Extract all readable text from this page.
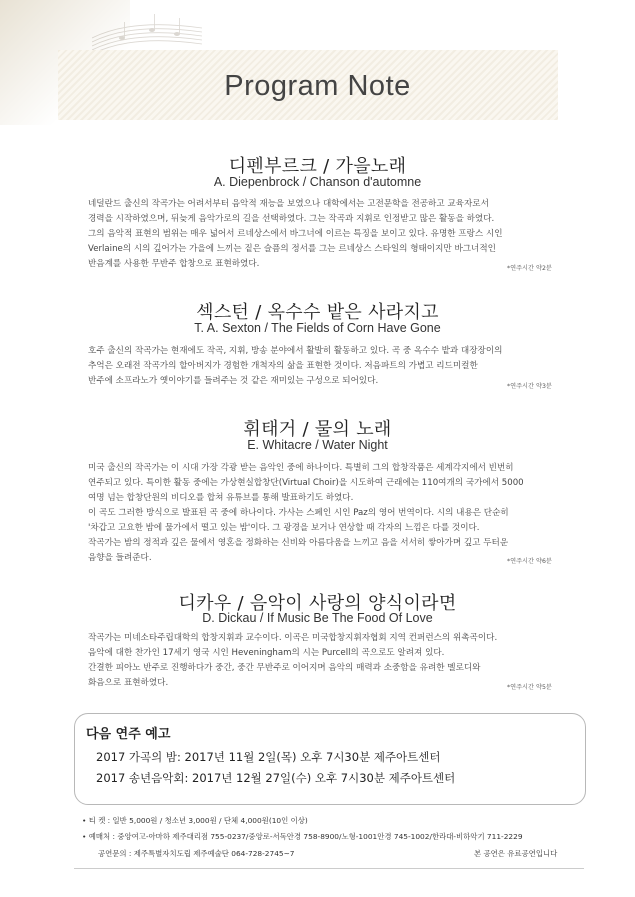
Program Note
디펜부르크 / 가을노래
A. Diepenbrock / Chanson d'automne

네덜란드 출신의 작곡가는 어려서부터 음악적 재능을 보였으나 대학에서는 고전문학을 전공하고 교육자로서

경력을 시작하였으며, 뒤늦게 음악가로의 길을 선택하였다. 그는 작곡과 지휘로 인정받고 많은 활동을 하였다.

그의 음악적 표현의 범위는 매우 넓어서 르네상스에서 바그너에 이르는 특징을 보이고 있다. 유명한 프랑스 시인

Verlaine의 시의 깊어가는 가을에 느끼는 짙은 슬픔의 정서를 그는 르네상스 스타일의 형태이지만 바그너적인

반음계를 사용한 무반주 합창으로 표현하였다.	*연주시간 약2분
섹스턴 / 옥수수 밭은 사라지고
T. A. Sexton / The Fields of Corn Have Gone

호주 출신의 작곡가는 현재에도 작곡, 지휘, 방송 분야에서 활발히 활동하고 있다. 곡 중 옥수수 밭과 대장장이의

추억은 오래전 작곡가의 할아버지가 경험한 개척자의 삶을 표현한 것이다. 저음파트의 가볍고 리드미컬한

반주에 소프라노가 옛이야기를 들려주는 것 같은 재미있는 구성으로 되어있다.

*연주시간 약3분
휘태거 / 물의 노래
E. Whitacre / Water Night

미국 출신의 작곡가는 이 시대 가장 각광 받는 음악인 중에 하나이다. 특별히 그의 합창작품은 세계각지에서 빈번히

연주되고 있다. 특이한 활동 중에는 가상현실합창단(Virtual Choir)을 시도하여 근래에는 110여개의 국가에서 5000

여명 넘는 합창단원의 비디오를 합쳐 유튜브를 통해 발표하기도 하였다.

이 곡도 그러한 방식으로 발표된 곡 중에 하나이다. 가사는 스페인 시인 Paz의 영어 번역이다. 시의 내용은 단순히

'차갑고 고요한 밤에 물가에서 떨고 있는 밤'이다. 그 광경을 보거나 연상할 때 각자의 느낌은 다를 것이다.

작곡가는 밤의 정적과 깊은 물에서 영혼을 정화하는 신비와 아름다움을 느끼고 음을 서서히 쌓아가며 깊고 두터운

음향을 들려준다.	*연주시간 약6분
디카우 / 음악이 사랑의 양식이라면
D. Dickau / If Music Be The Food Of Love

작곡가는 미네소타주립대학의 합창지휘과 교수이다. 이곡은 미국합창지휘자협회 지역 컨퍼런스의 위촉곡이다.

음악에 대한 찬가인 17세기 영국 시인 Heveningham의 시는 Purcell의 곡으로도 알려져 있다.

간결한 피아노 반주로 진행하다가 중간, 중간 무반주로 이어지며 음악의 매력과 소중함을 유려한 멜로디와

화음으로 표현하였다.	*연주시간 약5분
다음 연주 예고
2017 가곡의 밤: 2017년 11월 2일(목) 오후 7시30분 제주아트센터
2017 송년음악회: 2017년 12월 27일(수) 오후 7시30분 제주아트센터
• 티 켓 : 일반 5,000원 / 청소년 3,000원 / 단체 4,000원(10인 이상)
• 예매처 : 중앙여고-아마하 제주대리점 755-0237/중앙로-서독안경 758-8900/노형-1001안경 745-1002/한라대-비하악기 711-2229
공연문의 : 제주특별자치도립 제주예술단 064-728-2745~7	본 공연은 유료공연입니다
